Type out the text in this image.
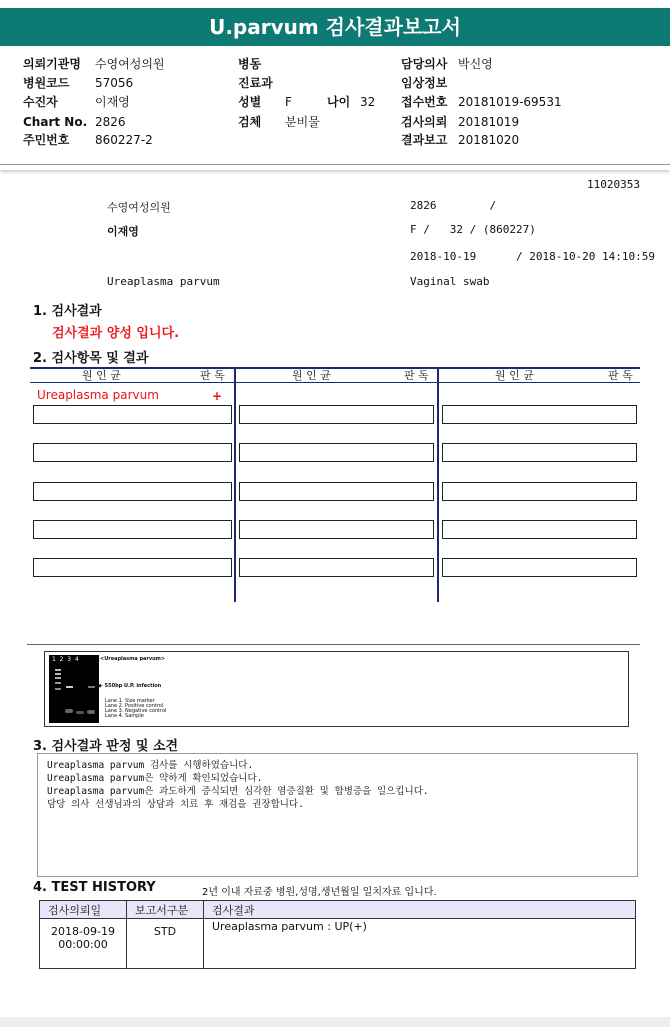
U.parvum 검사결과보고서
의뢰기관명 수영여성의원	병동	담당의사 박신영
병원코드 57056	진료과	임상정보
수진자	이재영	성별 F	나이 32 접수번호 20181019-69531
Chart No. 2826	검체 분비물	검사의뢰 20181019
주민번호 860227-2	결과보고 20181020
11020353
수영여성의원	2826        /
이재영	F /   32 / (860227)
2018-10-19      / 2018-10-20 14:10:59
Ureaplasma parvum	Vaginal swab
1. 검사결과
검사결과 양성 입니다.
2. 검사항목 및 결과
원 인 균	판 독	원 인 균	판 독	원 인 균	판 독
Ureaplasma parvum	+
1  2  3  4	<Ureaplasma parvum>
◀- 550bp U.P. infection
Lane 1. Size marker
Lane 2. Positive control
Lane 3. Negative control
Lane 4. Sample
3. 검사결과 판정 및 소견
Ureaplasma parvum 검사를 시행하였습니다.
Ureaplasma parvum은 약하게 확인되었습니다.
Ureaplasma parvum은 과도하게 증식되면 심각한 염증질환 및 합병증을 일으킵니다.
담당 의사 선생님과의 상담과 치료 후 재검을 권장합니다.
4. TEST HISTORY	2년 이내 자료중 병원,성명,생년월일 일치자료 입니다.
검사의뢰일	보고서구분	검사결과

2018-09-19
00:00:00	STD	Ureaplasma parvum : UP(+)
